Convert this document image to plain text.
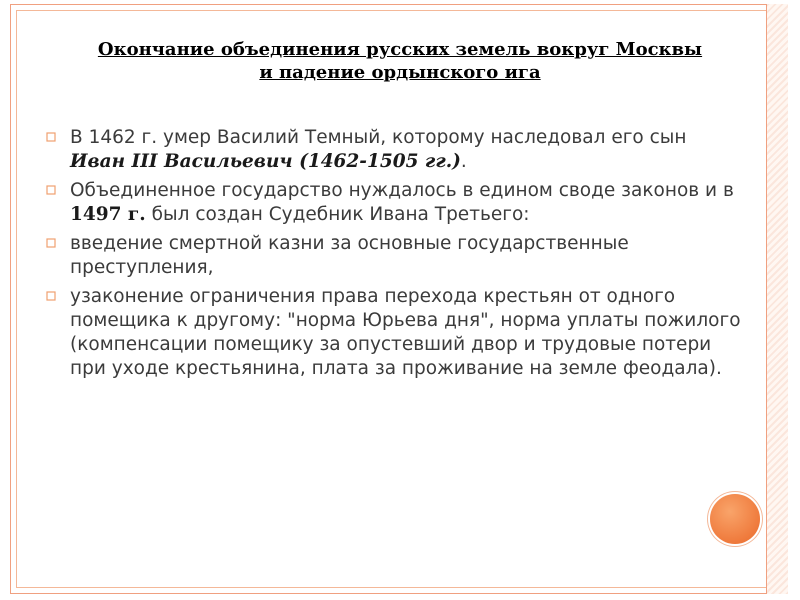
Окончание объединения русских земель вокруг Москвы
и падение ордынского ига
В 1462 г. умер Василий Темный, которому наследовал его сын Иван III Васильевич (1462-1505 гг.).
Объединенное государство нуждалось в едином своде законов и в 1497 г. был создан Судебник Ивана Третьего:
введение смертной казни за основные государственные преступления,
узаконение ограничения права перехода крестьян от одного помещика к другому: "норма Юрьева дня", норма уплаты пожилого (компенсации помещику за опустевший двор и трудовые потери при уходе крестьянина, плата за проживание на земле феодала).
